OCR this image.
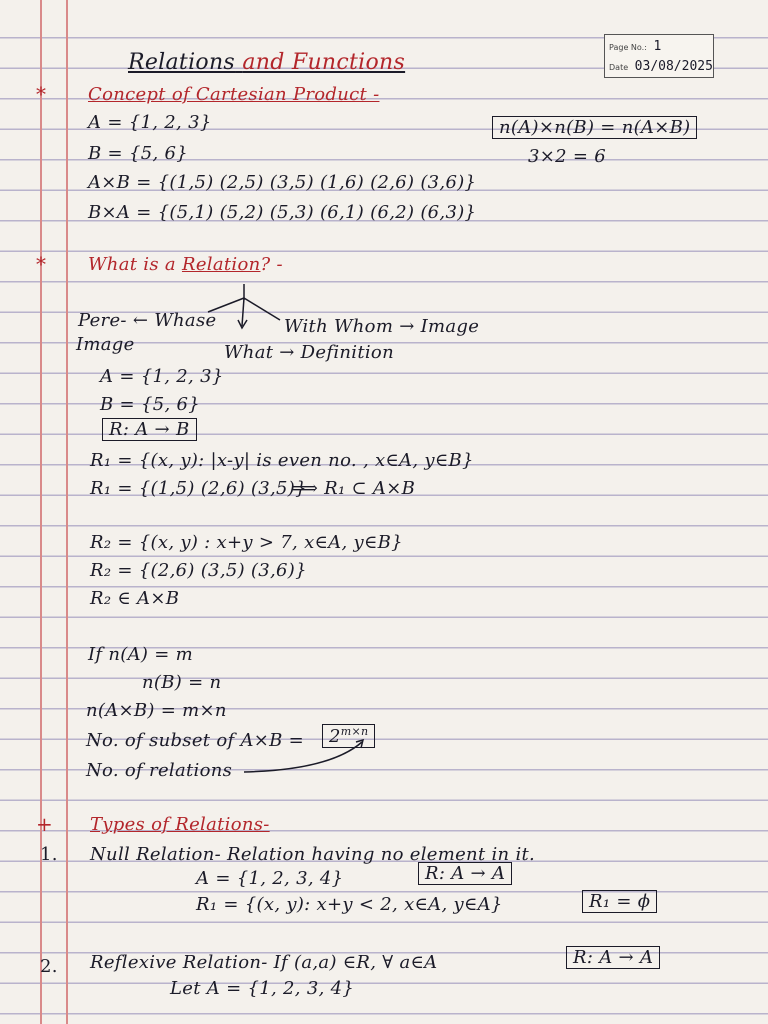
Page No.: 1
Date 03/08/2025
Relations and Functions
* Concept of Cartesian Product -
A = {1, 2, 3}
B = {5, 6}
A×B = {(1,5) (2,5) (3,5) (1,6) (2,6) (3,6)}
B×A = {(5,1) (5,2) (5,3) (6,1) (6,2) (6,3)}
n(A)×n(B) = n(A×B)
3×2 = 6
* What is a Relation? -
Pere- ← Whase
Image
With Whom → Image
What → Definition
A = {1, 2, 3}
B = {5, 6}
R: A → B
R₁ = {(x, y): |x-y| is even no. , x∈A, y∈B}
R₁ = {(1,5) (2,6) (3,5)}
⟹ R₁ ⊂ A×B
R₂ = {(x, y) : x+y > 7, x∈A, y∈B}
R₂ = {(2,6) (3,5) (3,6)}
R₂ ∈ A×B
If n(A) = m
n(B) = n
n(A×B) = m×n
No. of subset of A×B =	$2^{m\times n}$
No. of relations
+ Types of Relations-
1. Null Relation- Relation having no element in it.
A = {1, 2, 3, 4}	R: A → A
R₁ = {(x, y): x+y < 2, x∈A, y∈A}	R₁ = ϕ
2. Reflexive Relation- If (a,a) ∈R, ∀ a∈A	R: A → A
Let A = {1, 2, 3, 4}
